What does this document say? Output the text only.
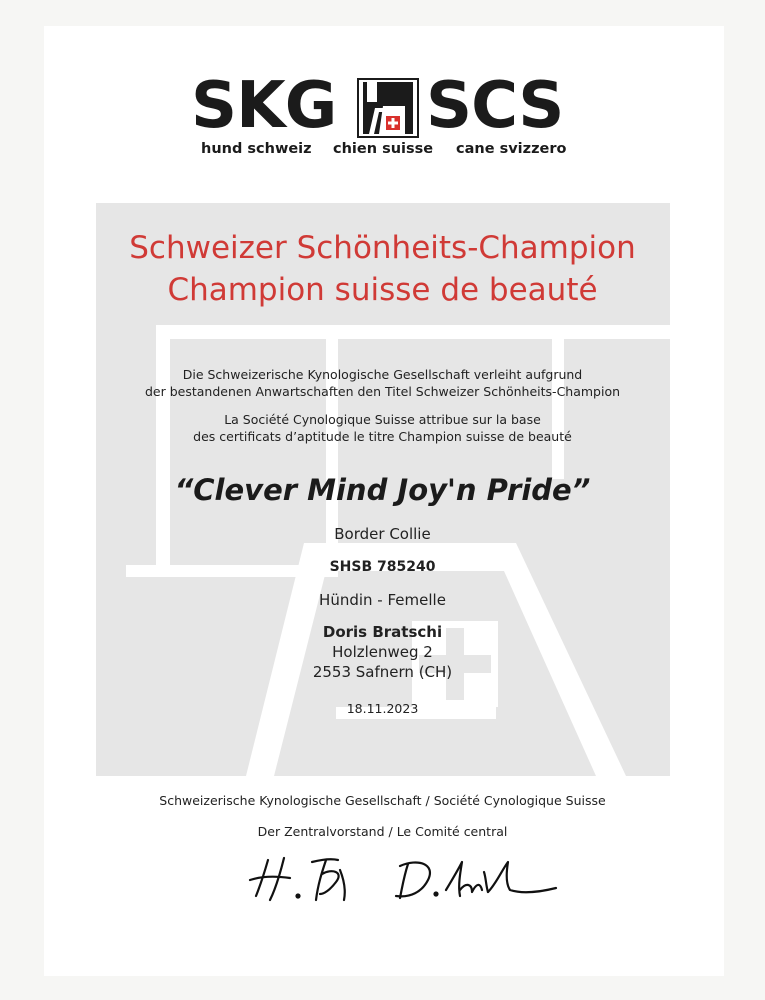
SKG SCS
hund schweiz chien suisse cane svizzero
Schweizer Schönheits-Champion
Champion suisse de beauté
Die Schweizerische Kynologische Gesellschaft verleiht aufgrund
der bestandenen Anwartschaften den Titel Schweizer Schönheits-Champion
La Société Cynologique Suisse attribue sur la base
des certificats d’aptitude le titre Champion suisse de beauté
“Clever Mind Joy'n Pride”
Border Collie
SHSB 785240
Hündin - Femelle
Doris Bratschi
Holzlenweg 2
2553 Safnern (CH)
18.11.2023
Schweizerische Kynologische Gesellschaft / Société Cynologique Suisse
Der Zentralvorstand / Le Comité central
